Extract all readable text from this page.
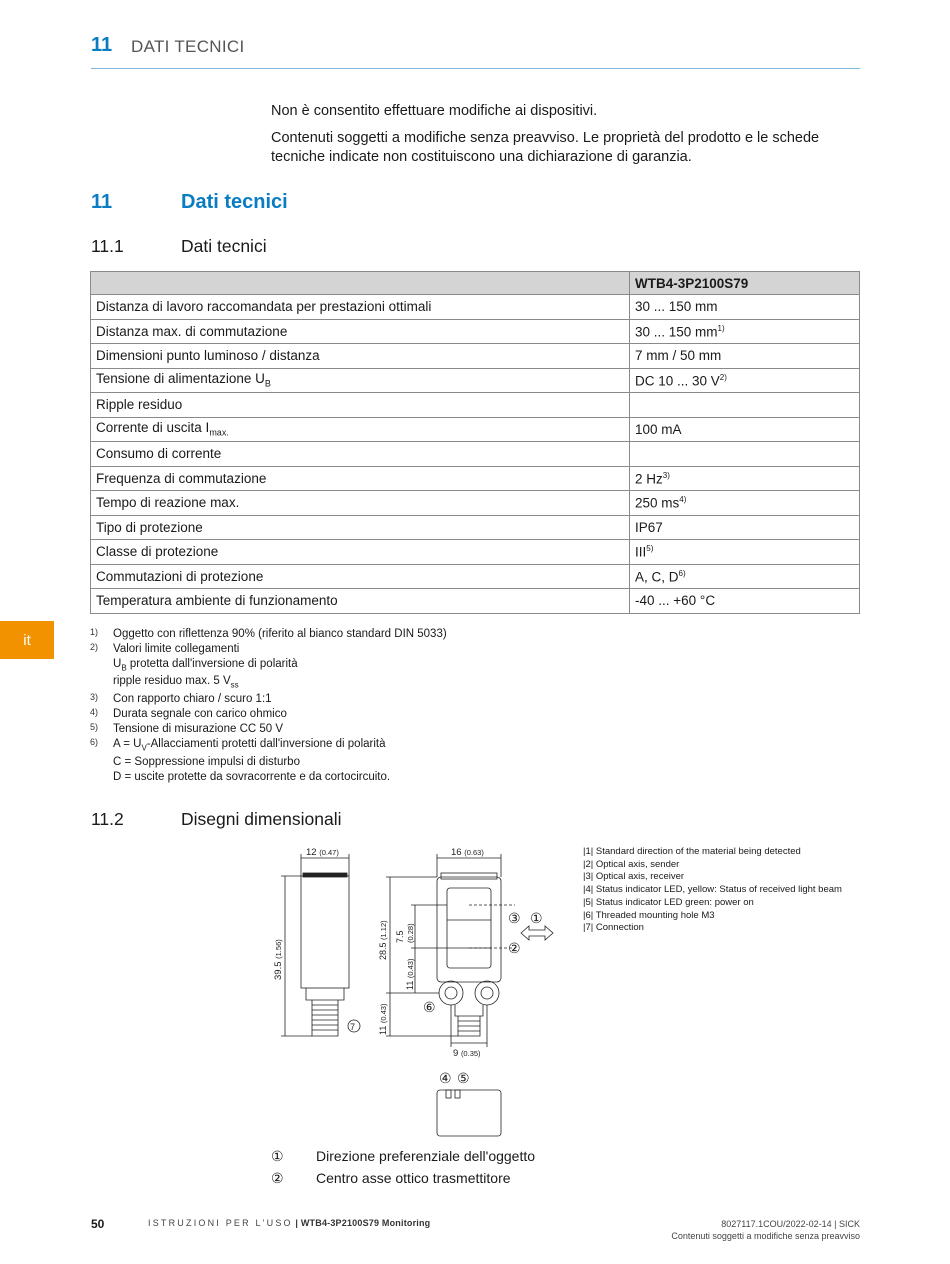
11 DATI TECNICI
Non è consentito effettuare modifiche ai dispositivi.
Contenuti soggetti a modifiche senza preavviso. Le proprietà del prodotto e le schede
tecniche indicate non costituiscono una dichiarazione di garanzia.
11	Dati tecnici
11.1	Dati tecnici
	WTB4-3P2100S79
Distanza di lavoro raccomandata per prestazioni ottimali	30 ... 150 mm
Distanza max. di commutazione	30 ... 150 $mm^{1)}$
Dimensioni punto luminoso / distanza	7 mm / 50 mm
Tensione di alimentazione $U_B$	DC 10 ... 30 $V^{2)}$
Ripple residuo	
Corrente di uscita $I_{max.}$	100 mA
Consumo di corrente	
Frequenza di commutazione	2 Hz$^{3)}$
Tempo di reazione max.	250 $ms^{4)}$
Tipo di protezione	IP67
Classe di protezione	III$^{5)}$
Commutazioni di protezione	A, C, $D^{6)}$
Temperatura ambiente di funzionamento	-40 ... +60 °C
it	1) Oggetto con riflettenza 90% (riferito al bianco standard DIN 5033)
2) Valori limite collegamenti
$U_B$ protetta dall'inversione di polarità
ripple residuo max. 5 $V_{ss}$
3) Con rapporto chiaro / scuro 1:1
4) Durata segnale con carico ohmico
5) Tensione di misurazione CC 50 V
6) $A = U_V$-Allacciamenti protetti dall'inversione di polarità
C = Soppressione impulsi di disturbo
D = uscite protette da sovracorrente e da cortocircuito.
11.2	Disegni dimensionali
12 (0.47)
39.5 (1.56)
7
16 (0.63)
28.5 (1.12) 7.5 (0.28)
11 (0.43)
11 (0.43)
9 (0.35)
③ ①
②
⑥
④ ⑤
|1| Standard direction of the material being detected
|2| Optical axis, sender
|3| Optical axis, receiver
|4| Status indicator LED, yellow: Status of received light beam
|5| Status indicator LED green: power on
|6| Threaded mounting hole M3
|7| Connection
① Direzione preferenziale dell'oggetto
② Centro asse ottico trasmettitore
50	ISTRUZIONI PER L'USO | WTB4-3P2100S79 Monitoring	8027117.1COU/2022-02-14 | SICK
Contenuti soggetti a modifiche senza preavviso
